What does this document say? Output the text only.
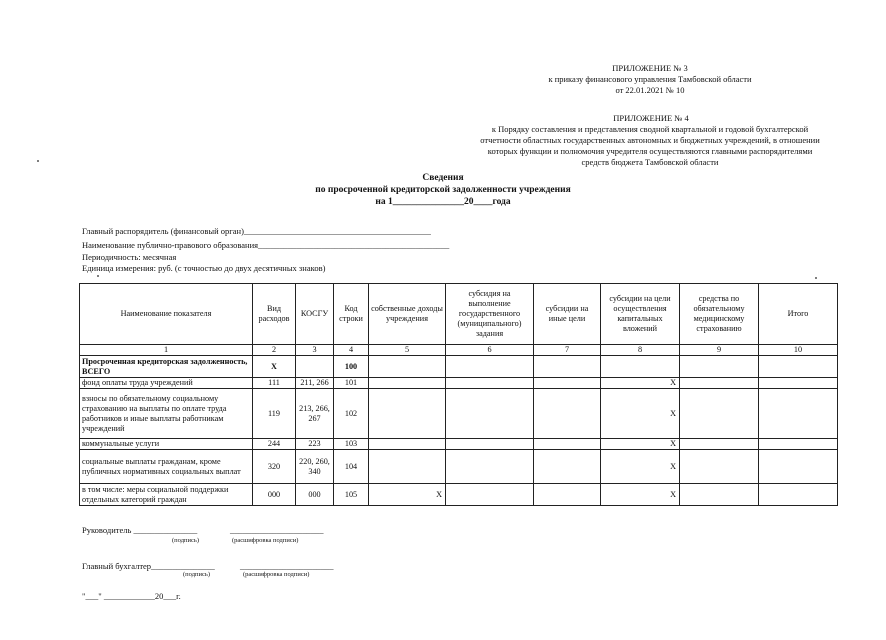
ПРИЛОЖЕНИЕ № 3
к приказу финансового управления Тамбовской области
от 22.01.2021 № 10
ПРИЛОЖЕНИЕ № 4
к Порядку составления и представления сводной квартальной и годовой бухгалтерской
отчетности областных государственных автономных и бюджетных учреждений, в отношении
которых функции и полномочия учредителя осуществляются главными распорядителями
средств бюджета Тамбовской области
Сведения
по просроченной кредиторской задолженности учреждения
на 1_______________20____года
Главный распорядитель (финансовый орган)____________________________________________
Наименование публично-правового образования_____________________________________________
Периодичность: месячная
Единица измерения: руб. (с точностью до двух десятичных знаков)
Наименование показателя	Вид расходов	КОСГУ	Код строки	собственные доходы учреждения	субсидия на выполнение государственного (муниципального) задания	субсидии на иные цели	субсидии на цели осуществления капитальных вложений	средства по обязательному медицинскому страхованию	Итого
1	2	3	4	5	6	7	8	9	10
Просроченная кредиторская задолженность, ВСЕГО	X		100						
фонд оплаты труда учреждений	111	211, 266	101				X		
взносы по обязательному социальному страхованию на выплаты по оплате труда работников и иные выплаты работникам учреждений	119	213, 266, 267	102				X		
коммунальные услуги	244	223	103				X		
социальные выплаты гражданам, кроме публичных нормативных социальных выплат	320	220, 260, 340	104				X		
в том числе: меры социальной поддержки отдельных категорий граждан	000	000	105	X			X		
Руководитель _______________	______________________
(подпись)	(расшифровка подписи)
Главный бухгалтер_______________	______________________
(подпись)	(расшифровка подписи)
"___" ____________20___г.
